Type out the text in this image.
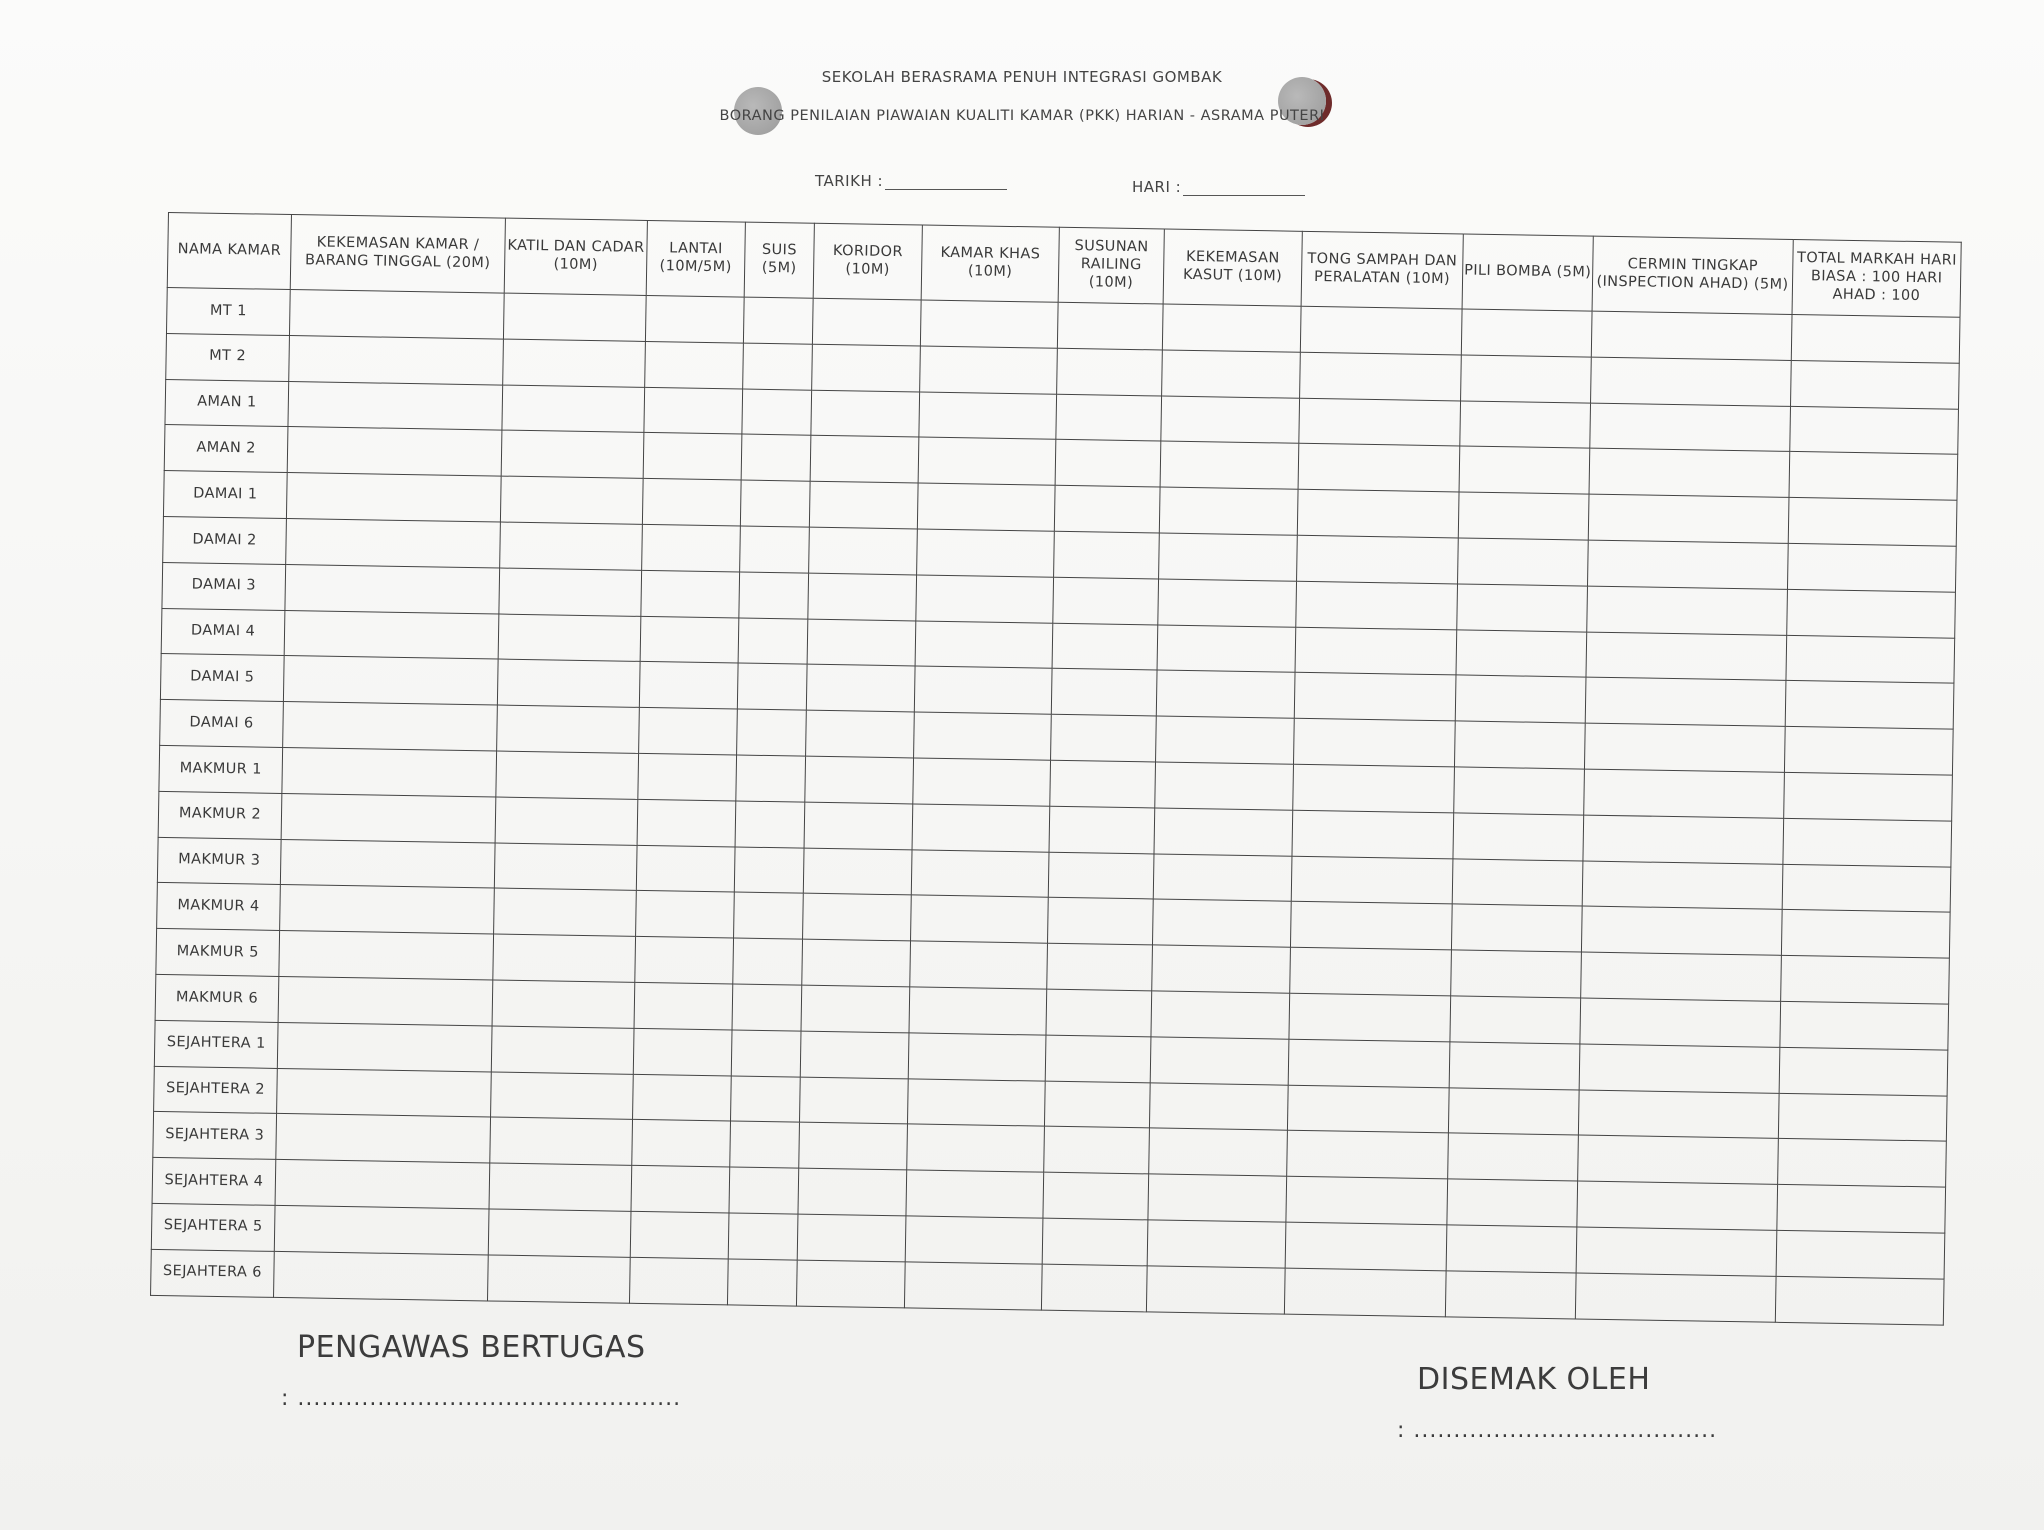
SEKOLAH BERASRAMA PENUH INTEGRASI GOMBAK
BORANG PENILAIAN PIAWAIAN KUALITI KAMAR (PKK) HARIAN - ASRAMA PUTERI
TARIKH :	HARI :
NAMA KAMAR	KEKEMASAN KAMAR / BARANG TINGGAL (20M)	KATIL DAN CADAR (10M)	LANTAI (10M/5M)	SUIS (5M)	KORIDOR (10M)	KAMAR KHAS (10M)	SUSUNAN RAILING (10M)	KEKEMASAN KASUT (10M)	TONG SAMPAH DAN PERALATAN (10M)	PILI BOMBA (5M)	CERMIN TINGKAP (INSPECTION AHAD) (5M)	TOTAL MARKAH HARI BIASA : 100 HARI AHAD : 100
MT 1												
MT 2												
AMAN 1												
AMAN 2												
DAMAI 1												
DAMAI 2												
DAMAI 3												
DAMAI 4												
DAMAI 5												
DAMAI 6												
MAKMUR 1												
MAKMUR 2												
MAKMUR 3												
MAKMUR 4												
MAKMUR 5												
MAKMUR 6												
SEJAHTERA 1												
SEJAHTERA 2												
SEJAHTERA 3												
SEJAHTERA 4												
SEJAHTERA 5												
SEJAHTERA 6												
PENGAWAS BERTUGAS
: ................................................
DISEMAK OLEH
: ......................................
